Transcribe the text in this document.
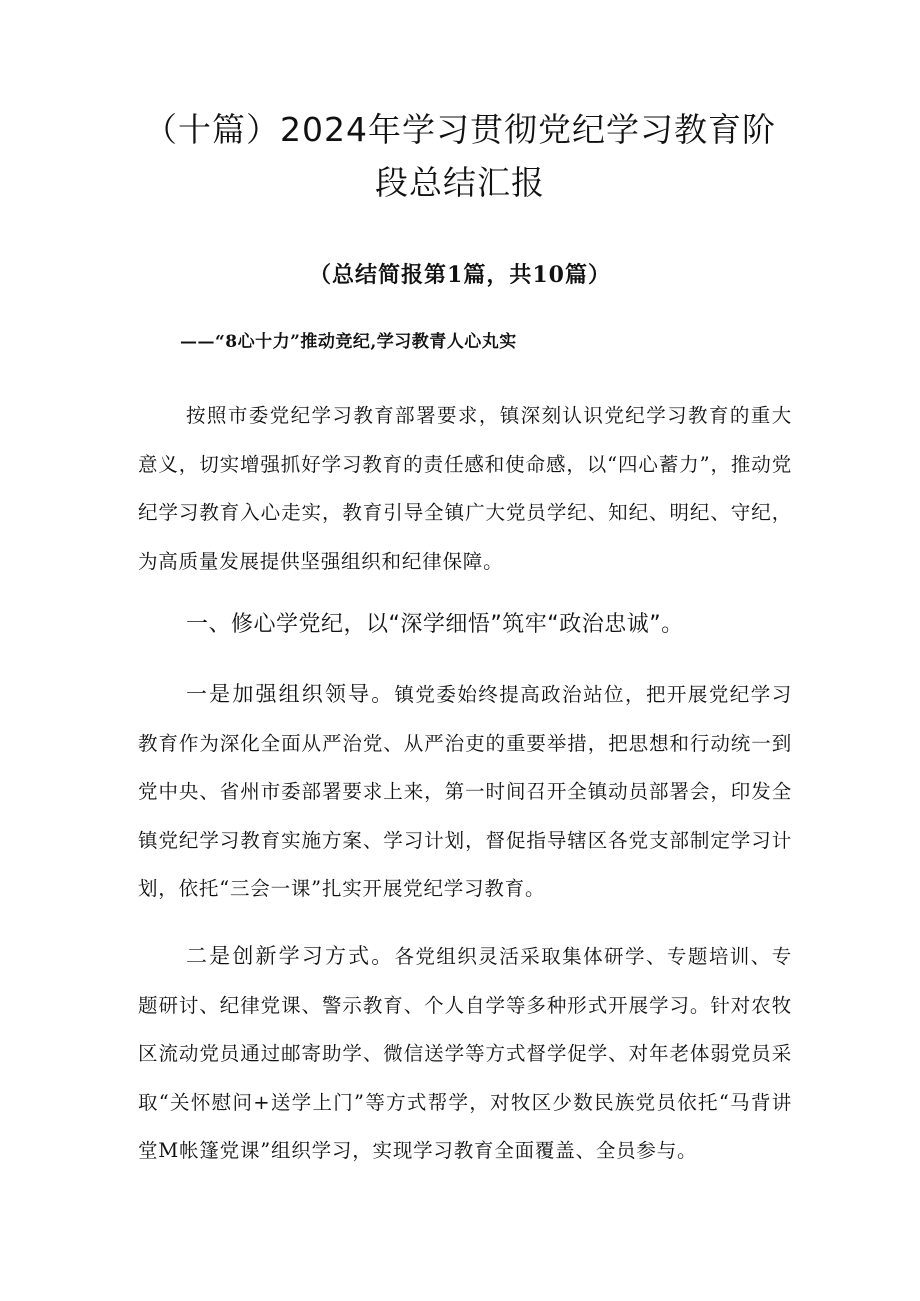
（十篇）2024年学习贯彻党纪学习教育阶
段总结汇报
（总结简报第1篇，共10篇）
——“8心十力”推动竞纪,学习教青人心丸实

按照市委党纪学习教育部署要求，镇深刻认识党纪学习教育的重大意义，切实增强抓好学习教育的责任感和使命感，以“四心蓄力”，推动党纪学习教育入心走实，教育引导全镇广大党员学纪、知纪、明纪、守纪，为高质量发展提供坚强组织和纪律保障。

一、修心学党纪，以“深学细悟”筑牢“政治忠诚”。

一是加强组织领导。镇党委始终提高政治站位，把开展党纪学习教育作为深化全面从严治党、从严治吏的重要举措，把思想和行动统一到党中央、省州市委部署要求上来，第一时间召开全镇动员部署会，印发全镇党纪学习教育实施方案、学习计划，督促指导辖区各党支部制定学习计划，依托“三会一课”扎实开展党纪学习教育。

二是创新学习方式。各党组织灵活采取集体研学、专题培训、专题研讨、纪律党课、警示教育、个人自学等多种形式开展学习。针对农牧区流动党员通过邮寄助学、微信送学等方式督学促学、对年老体弱党员采取“关怀慰问+送学上门”等方式帮学，对牧区少数民族党员依托“马背讲堂M帐篷党课”组织学习，实现学习教育全面覆盖、全员参与。
